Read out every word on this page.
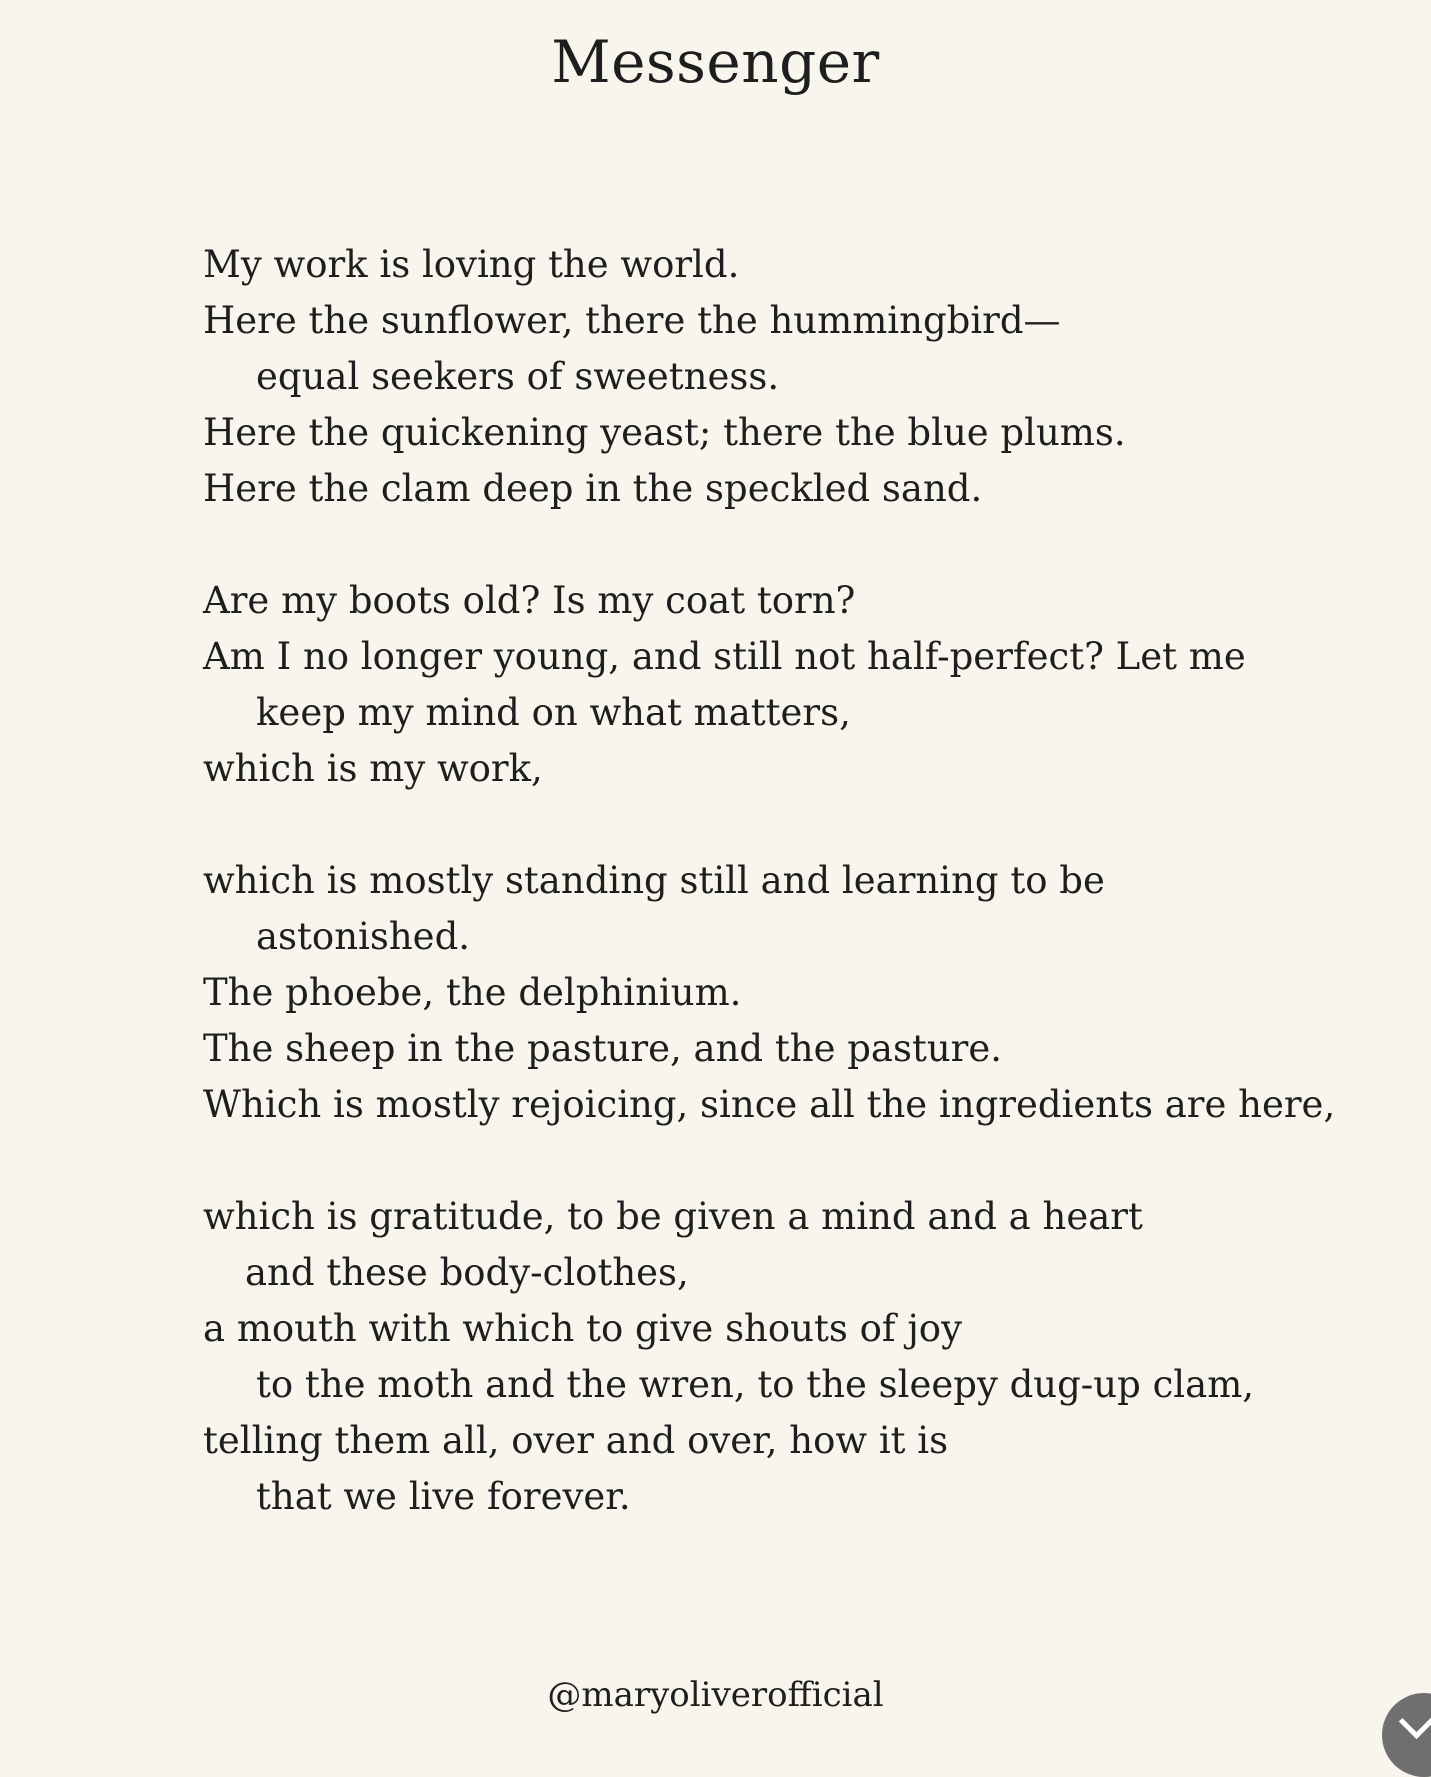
Messenger
My work is loving the world.
Here the sunflower, there the hummingbird—
equal seekers of sweetness.
Here the quickening yeast; there the blue plums.
Here the clam deep in the speckled sand.
Are my boots old? Is my coat torn?
Am I no longer young, and still not half-perfect? Let me
keep my mind on what matters,
which is my work,
which is mostly standing still and learning to be
astonished.
The phoebe, the delphinium.
The sheep in the pasture, and the pasture.
Which is mostly rejoicing, since all the ingredients are here,
which is gratitude, to be given a mind and a heart
and these body-clothes,
a mouth with which to give shouts of joy
to the moth and the wren, to the sleepy dug-up clam,
telling them all, over and over, how it is
that we live forever.
@maryoliverofficial
